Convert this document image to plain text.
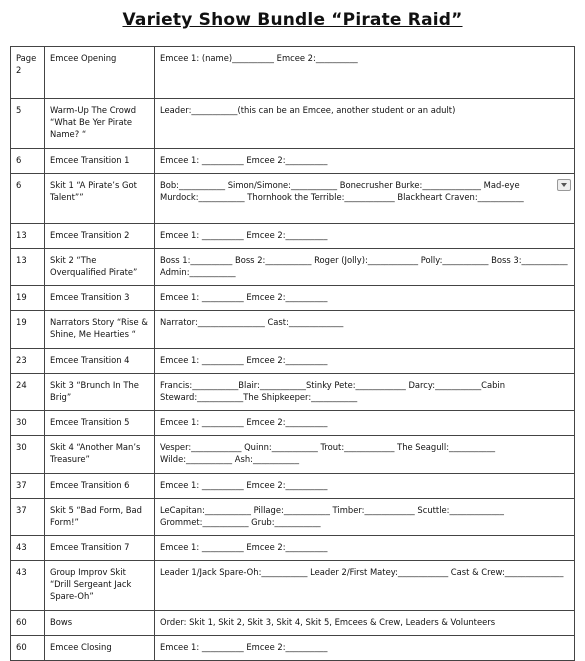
Variety Show Bundle “Pirate Raid”
Page 2	Emcee Opening	Emcee 1: (name)__________ Emcee 2:__________

5	Warm-Up The Crowd “What Be Yer Pirate Name? “	Leader:___________(this can be an Emcee, another student or an adult)

6	Emcee Transition 1	Emcee 1: __________ Emcee 2:__________

6	Skit 1 “A Pirate’s Got Talent””	Bob:___________ Simon/Simone:___________ Bonecrusher Burke:______________ Mad-eye Murdock:___________ Thornhook the Terrible:____________ Blackheart Craven:___________

13	Emcee Transition 2	Emcee 1: __________ Emcee 2:__________

13	Skit 2 “The Overqualified Pirate”	Boss 1:__________ Boss 2:___________ Roger (Jolly):____________ Polly:___________ Boss 3:___________ Admin:___________

19	Emcee Transition 3	Emcee 1: __________ Emcee 2:__________

19	Narrators Story “Rise & Shine, Me Hearties “	Narrator:________________ Cast:_____________

23	Emcee Transition 4	Emcee 1: __________ Emcee 2:__________

24	Skit 3 “Brunch In The Brig”	Francis:___________Blair:___________Stinky Pete:____________ Darcy:___________Cabin Steward:___________The Shipkeeper:___________

30	Emcee Transition 5	Emcee 1: __________ Emcee 2:__________

30	Skit 4 “Another Man’s Treasure”	Vesper:____________ Quinn:___________ Trout:____________ The Seagull:___________ Wilde:___________ Ash:___________

37	Emcee Transition 6	Emcee 1: __________ Emcee 2:__________

37	Skit 5 “Bad Form, Bad Form!”	LeCapitan:___________ Pillage:___________ Timber:____________ Scuttle:_____________ Grommet:___________ Grub:___________

43	Emcee Transition 7	Emcee 1: __________ Emcee 2:__________

43	Group Improv Skit “Drill Sergeant Jack Spare-Oh”	Leader 1/Jack Spare-Oh:___________ Leader 2/First Matey:____________ Cast & Crew:______________

60	Bows	Order: Skit 1, Skit 2, Skit 3, Skit 4, Skit 5, Emcees & Crew, Leaders & Volunteers

60	Emcee Closing	Emcee 1: __________ Emcee 2:__________
